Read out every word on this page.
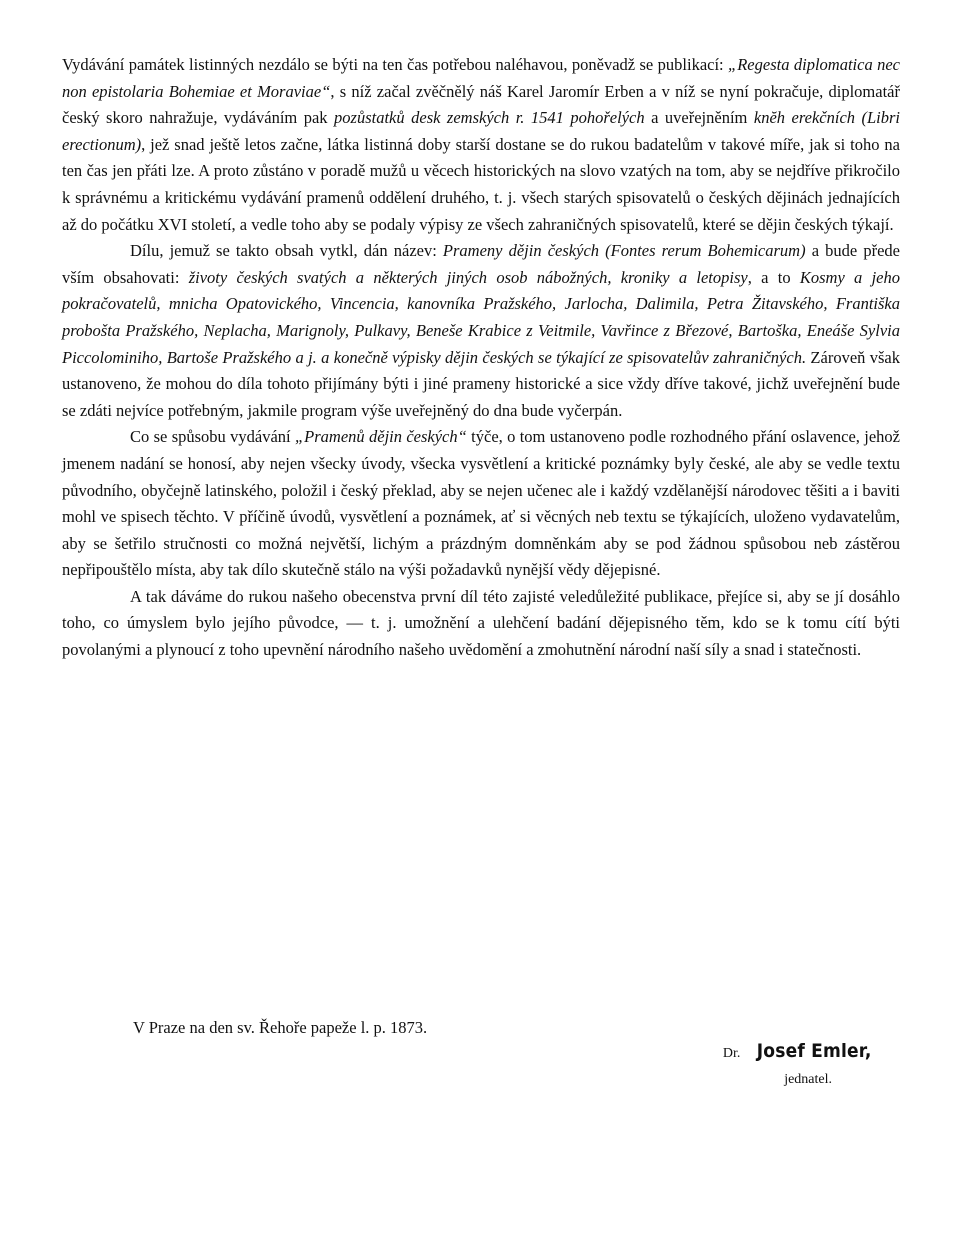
Vydávání památek listinných nezdálo se býti na ten čas potřebou naléhavou, poněvadž se publikací: „Regesta diplomatica nec non epistolaria Bohemiae et Moraviae“, s níž začal zvěčnělý náš Karel Jaromír Erben a v níž se nyní pokračuje, diplomatář český skoro nahražuje, vydáváním pak pozůstatků desk zemských r. 1541 pohořelých a uveřejněním knĕh erekčních (Libri erectionum), jež snad ještě letos začne, látka listinná doby starší dostane se do rukou badatelům v takové míře, jak si toho na ten čas jen přáti lze. A proto zůstáno v poradě mužů u věcech historických na slovo vzatých na tom, aby se nejdříve přikročilo k správnému a kritickému vydávání pramenů oddělení druhého, t. j. všech starých spisovatelů o českých dějinách jednajících až do počátku XVI století, a vedle toho aby se podaly výpisy ze všech zahraničných spisovatelů, které se dějin českých týkají.

Dílu, jemuž se takto obsah vytkl, dán název: Prameny dějin českých (Fontes rerum Bohemicarum) a bude přede vším obsahovati: životy českých svatých a některých jiných osob nábožných, kroniky a letopisy, a to Kosmy a jeho pokračovatelů, mnicha Opatovického, Vincencia, kanovníka Pražského, Jarlocha, Dalimila, Petra Žitavského, Františka probošta Pražského, Neplacha, Marignoly, Pulkavy, Beneše Krabice z Veitmile, Vavřince z Březové, Bartoška, Eneáše Sylvia Piccolominiho, Bartoše Pražského a j. a konečně výpisky dějin českých se týkající ze spisovatelův zahraničných. Zároveň však ustanoveno, že mohou do díla tohoto přijímány býti i jiné prameny historické a sice vždy dříve takové, jichž uveřejnění bude se zdáti nejvíce potřebným, jakmile program výše uveřejněný do dna bude vyčerpán.

Co se spůsobu vydávání „Pramenů dějin českých“ týče, o tom ustanoveno podle rozhodného přání oslavence, jehož jmenem nadání se honosí, aby nejen všecky úvody, všecka vysvětlení a kritické poznámky byly české, ale aby se vedle textu původního, obyčejně latinského, položil i český překlad, aby se nejen učenec ale i každý vzdělanější národovec těšiti a i baviti mohl ve spisech těchto. V příčině úvodů, vysvětlení a poznámek, ať si věcných neb textu se týkajících, uloženo vydavatelům, aby se šetřilo stručnosti co možná největší, lichým a prázdným domněnkám aby se pod žádnou spůsobou neb zástěrou nepřipouštělo místa, aby tak dílo skutečně stálo na výši požadavků nynější vědy dějepisné.

A tak dáváme do rukou našeho obecenstva první díl této zajisté veledůležité publikace, přejíce si, aby se jí dosáhlo toho, co úmyslem bylo jejího původce, — t. j. umožnění a ulehčení badání dějepisného těm, kdo se k tomu cítí býti povolanými a plynoucí z toho upevnění národního našeho uvědomění a zmohutnění národní naší síly a snad i statečnosti.

V Praze na den sv. Řehoře papeže l. p. 1873.
Dr. Josef Emler,
jednatel.
